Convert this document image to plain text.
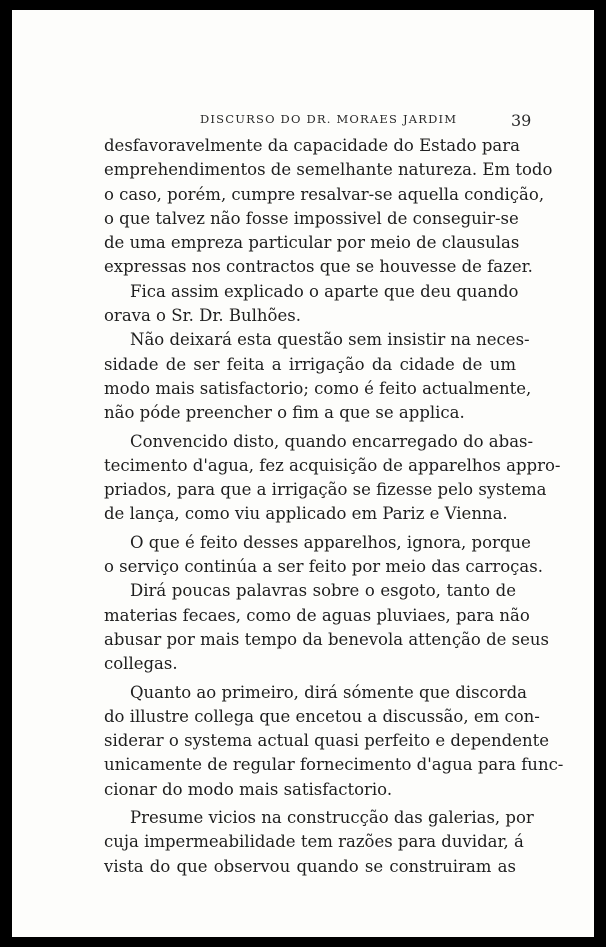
DISCURSO DO DR. MORAES JARDIM	39
desfavoravelmente da capacidade do Estado para
emprehendimentos de semelhante natureza. Em todo
o caso, porém, cumpre resalvar-se aquella condição,
o que talvez não fosse impossivel de conseguir-se
de uma empreza particular por meio de clausulas
expressas nos contractos que se houvesse de fazer.
Fica assim explicado o aparte que deu quando
orava o Sr. Dr. Bulhões.
Não deixará esta questão sem insistir na neces-
sidade de ser feita a irrigação da cidade de um
modo mais satisfactorio; como é feito actualmente,
não póde preencher o fim a que se applica.
Convencido disto, quando encarregado do abas-
tecimento d'agua, fez acquisição de apparelhos appro-
priados, para que a irrigação se fizesse pelo systema
de lança, como viu applicado em Pariz e Vienna.
O que é feito desses apparelhos, ignora, porque
o serviço continúa a ser feito por meio das carroças.
Dirá poucas palavras sobre o esgoto, tanto de
materias fecaes, como de aguas pluviaes, para não
abusar por mais tempo da benevola attenção de seus
collegas.
Quanto ao primeiro, dirá sómente que discorda
do illustre collega que encetou a discussão, em con-
siderar o systema actual quasi perfeito e dependente
unicamente de regular fornecimento d'agua para func-
cionar do modo mais satisfactorio.
Presume vicios na construcção das galerias, por
cuja impermeabilidade tem razões para duvidar, á
vista do que observou quando se construiram as
